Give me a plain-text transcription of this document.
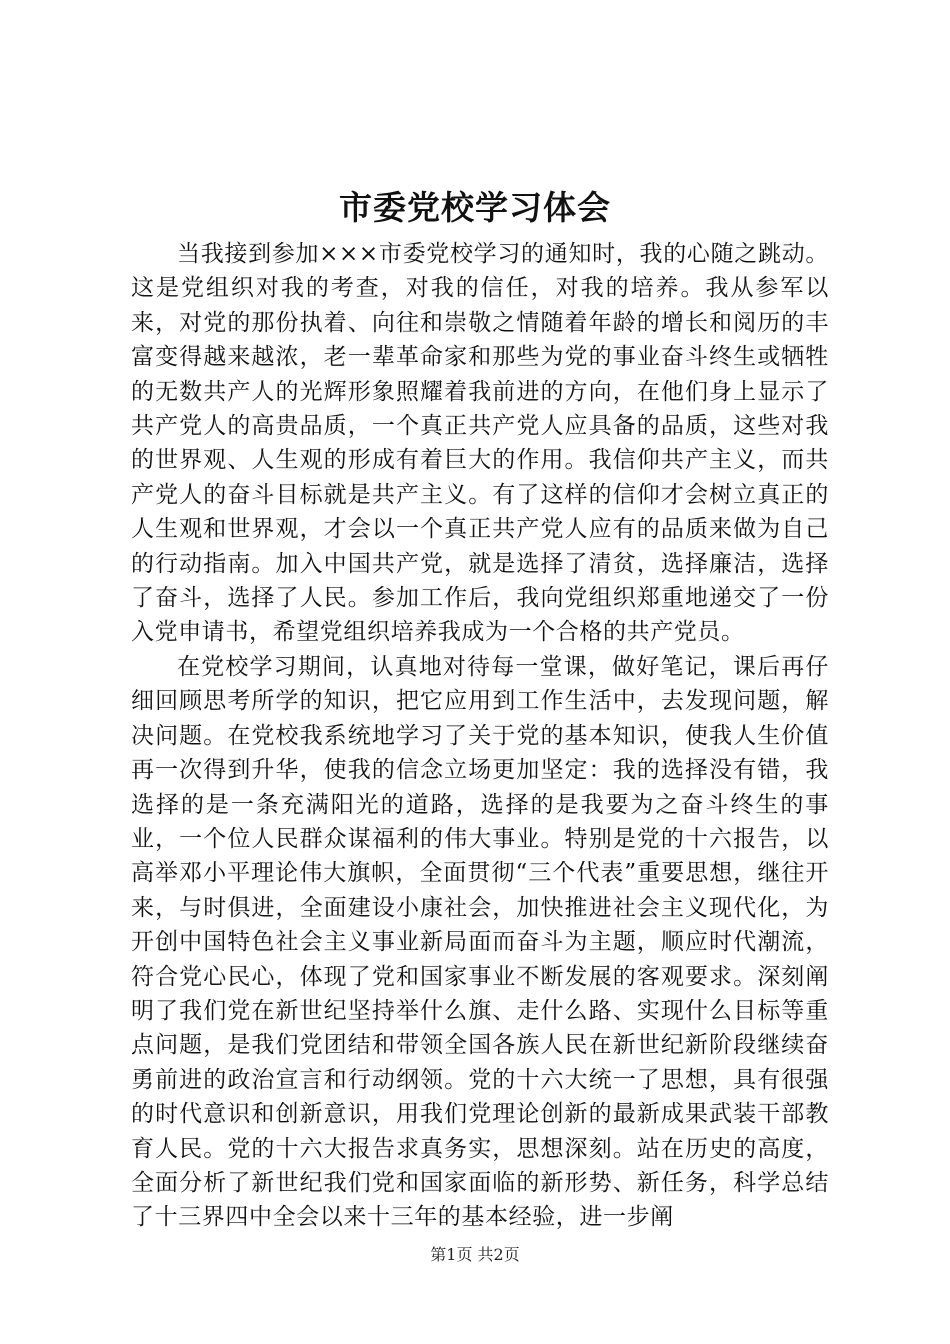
市委党校学习体会

当我接到参加×××市委党校学习的通知时，我的心随之跳动。这是党组织对我的考查，对我的信任，对我的培养。我从参军以来，对党的那份执着、向往和崇敬之情随着年龄的增长和阅历的丰富变得越来越浓，老一辈革命家和那些为党的事业奋斗终生或牺牲的无数共产人的光辉形象照耀着我前进的方向，在他们身上显示了共产党人的高贵品质，一个真正共产党人应具备的品质，这些对我的世界观、人生观的形成有着巨大的作用。我信仰共产主义，而共产党人的奋斗目标就是共产主义。有了这样的信仰才会树立真正的人生观和世界观，才会以一个真正共产党人应有的品质来做为自己的行动指南。加入中国共产党，就是选择了清贫，选择廉洁，选择了奋斗，选择了人民。参加工作后，我向党组织郑重地递交了一份入党申请书，希望党组织培养我成为一个合格的共产党员。

在党校学习期间，认真地对待每一堂课，做好笔记，课后再仔细回顾思考所学的知识，把它应用到工作生活中，去发现问题，解决问题。在党校我系统地学习了关于党的基本知识，使我人生价值再一次得到升华，使我的信念立场更加坚定：我的选择没有错，我选择的是一条充满阳光的道路，选择的是我要为之奋斗终生的事业，一个位人民群众谋福利的伟大事业。特别是党的十六报告，以高举邓小平理论伟大旗帜，全面贯彻“三个代表”重要思想，继往开来，与时俱进，全面建设小康社会，加快推进社会主义现代化，为开创中国特色社会主义事业新局面而奋斗为主题，顺应时代潮流，符合党心民心，体现了党和国家事业不断发展的客观要求。深刻阐明了我们党在新世纪坚持举什么旗、走什么路、实现什么目标等重点问题，是我们党团结和带领全国各族人民在新世纪新阶段继续奋勇前进的政治宣言和行动纲领。党的十六大统一了思想，具有很强的时代意识和创新意识，用我们党理论创新的最新成果武装干部教育人民。党的十六大报告求真务实，思想深刻。站在历史的高度，全面分析了新世纪我们党和国家面临的新形势、新任务，科学总结了十三界四中全会以来十三年的基本经验，进一步阐

第1页 共2页
